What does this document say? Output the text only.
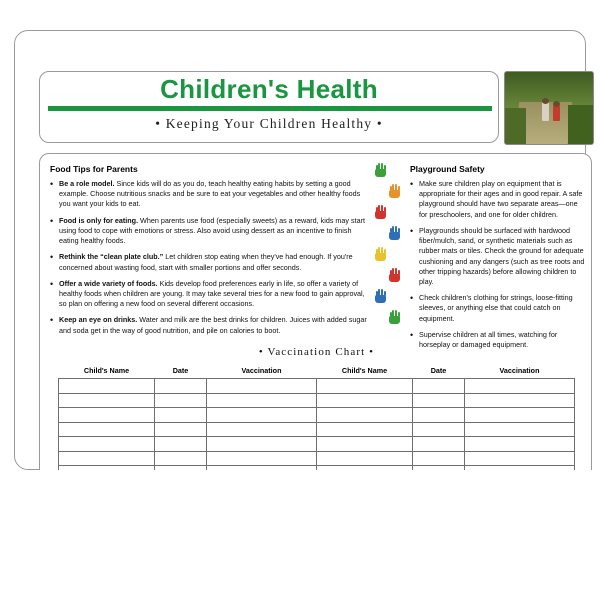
Children's Health
• Keeping Your Children Healthy •
Food Tips for Parents
• Be a role model. Since kids will do as you do, teach healthy eating habits by setting a good example. Choose nutritious snacks and be sure to eat your vegetables and other healthy foods you want your kids to eat.
• Food is only for eating. When parents use food (especially sweets) as a reward, kids may start using food to cope with emotions or stress. Also avoid using dessert as an incentive to finish eating healthy foods.
• Rethink the “clean plate club.” Let children stop eating when they've had enough. If you're concerned about wasting food, start with smaller portions and offer seconds.
• Offer a wide variety of foods. Kids develop food preferences early in life, so offer a variety of healthy foods when children are young. It may take several tries for a new food to gain approval, so plan on offering a new food on several different occasions.
• Keep an eye on drinks. Water and milk are the best drinks for children. Juices with added sugar and soda get in the way of good nutrition, and pile on calories to boot.
Playground Safety
• Make sure children play on equipment that is appropriate for their ages and in good repair. A safe playground should have two separate areas—one for preschoolers, and one for older children.
• Playgrounds should be surfaced with hardwood fiber/mulch, sand, or synthetic materials such as rubber mats or tiles. Check the ground for adequate cushioning and any dangers (such as tree roots and other tripping hazards) before allowing children to play.
• Check children's clothing for strings, loose-fitting sleeves, or anything else that could catch on equipment.
• Supervise children at all times, watching for horseplay or damaged equipment.
• Vaccination Chart •
Child's Name	Date	Vaccination	Child's Name	Date	Vaccination
